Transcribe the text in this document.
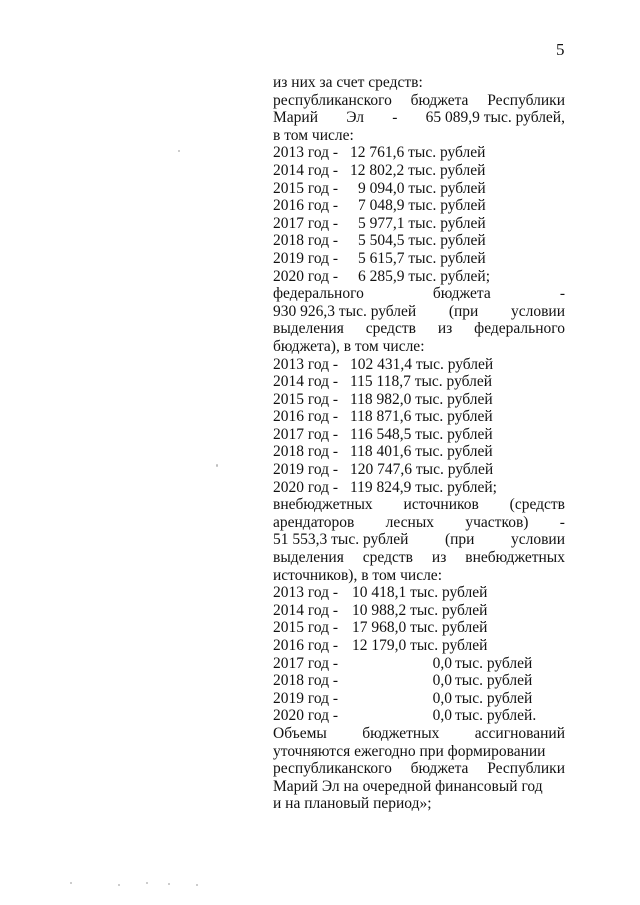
5
из них за счет средств:
республиканского бюджета Республики
Марий Эл - 65 089,9 тыс. рублей,
в том числе:
2013 год - 12 761,6 тыс. рублей
2014 год - 12 802,2 тыс. рублей
2015 год -	9 094,0 тыс. рублей
2016 год -	7 048,9 тыс. рублей
2017 год -	5 977,1 тыс. рублей
2018 год -	5 504,5 тыс. рублей
2019 год -	5 615,7 тыс. рублей
2020 год -	6 285,9 тыс. рублей;
федерального	бюджета	-
930 926,3 тыс. рублей (при условии
выделения средств из федерального
бюджета), в том числе:
2013 год - 102 431,4 тыс. рублей
2014 год - 115 118,7 тыс. рублей
2015 год - 118 982,0 тыс. рублей
2016 год - 118 871,6 тыс. рублей
2017 год - 116 548,5 тыс. рублей
2018 год - 118 401,6 тыс. рублей
2019 год - 120 747,6 тыс. рублей
2020 год - 119 824,9 тыс. рублей;
внебюджетных источников (средств
арендаторов лесных участков) -
51 553,3 тыс. рублей (при условии
выделения средств из внебюджетных
источников), в том числе:
2013 год - 10 418,1 тыс. рублей
2014 год - 10 988,2 тыс. рублей
2015 год - 17 968,0 тыс. рублей
2016 год - 12 179,0 тыс. рублей
2017 год -	0,0 тыс. рублей
2018 год -	0,0 тыс. рублей
2019 год -	0,0 тыс. рублей
2020 год -	0,0 тыс. рублей.
Объемы бюджетных ассигнований
уточняются ежегодно при формировании
республиканского бюджета Республики
Марий Эл на очередной финансовый год
и на плановый период»;
